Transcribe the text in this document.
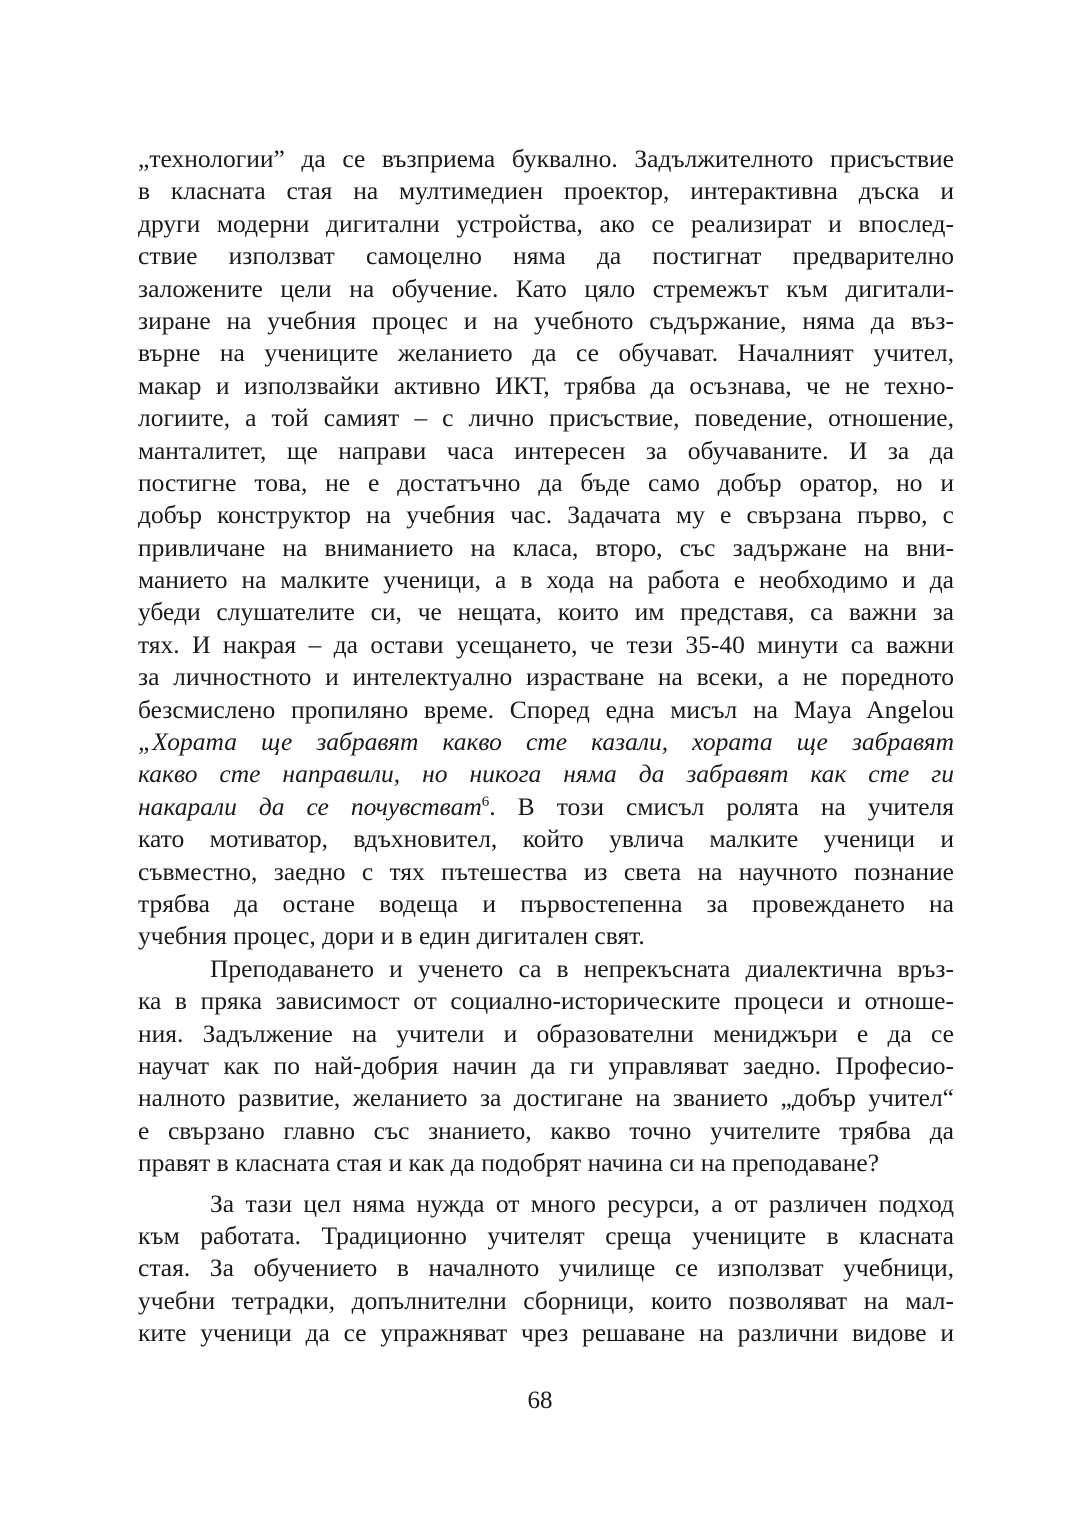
„технологии” да се възприема буквално. Задължителното присъствие
в класната стая на мултимедиен проектор, интерактивна дъска и
други модерни дигитални устройства, ако се реализират и впослед-
ствие използват самоцелно няма да постигнат предварително
заложените цели на обучение. Като цяло стремежът към дигитали-
зиране на учебния процес и на учебното съдържание, няма да въз-
върне на учениците желанието да се обучават. Началният учител,
макар и използвайки активно ИКТ, трябва да осъзнава, че не техно-
логиите, а той самият – с лично присъствие, поведение, отношение,
манталитет, ще направи часа интересен за обучаваните. И за да
постигне това, не е достатъчно да бъде само добър оратор, но и
добър конструктор на учебния час. Задачата му е свързана първо, с
привличане на вниманието на класа, второ, със задържане на вни-
манието на малките ученици, а в хода на работа е необходимо и да
убеди слушателите си, че нещата, които им представя, са важни за
тях. И накрая – да остави усещането, че тези 35-40 минути са важни
за личностното и интелектуално израстване на всеки, а не поредното
безсмислено пропиляно време. Според една мисъл на Maya Angelou
„Хората ще забравят какво сте казали, хората ще забравят
какво сте направили, но никога няма да забравят как сте ги
накарали да се почувстват$^6$. В този смисъл ролята на учителя
като мотиватор, вдъхновител, който увлича малките ученици и
съвместно, заедно с тях пътешества из света на научното познание
трябва да остане водеща и първостепенна за провеждането на
учебния процес, дори и в един дигитален свят.
Преподаването и ученето са в непрекъсната диалектична връз-
ка в пряка зависимост от социално-историческите процеси и отноше-
ния. Задължение на учители и образователни мениджъри е да се
научат как по най-добрия начин да ги управляват заедно. Професио-
налното развитие, желанието за достигане на званието „добър учител“
е свързано главно със знанието, какво точно учителите трябва да
правят в класната стая и как да подобрят начина си на преподаване?
За тази цел няма нужда от много ресурси, а от различен подход
към работата. Традиционно учителят среща учениците в класната
стая. За обучението в началното училище се използват учебници,
учебни тетрадки, допълнителни сборници, които позволяват на мал-
ките ученици да се упражняват чрез решаване на различни видове и
68
